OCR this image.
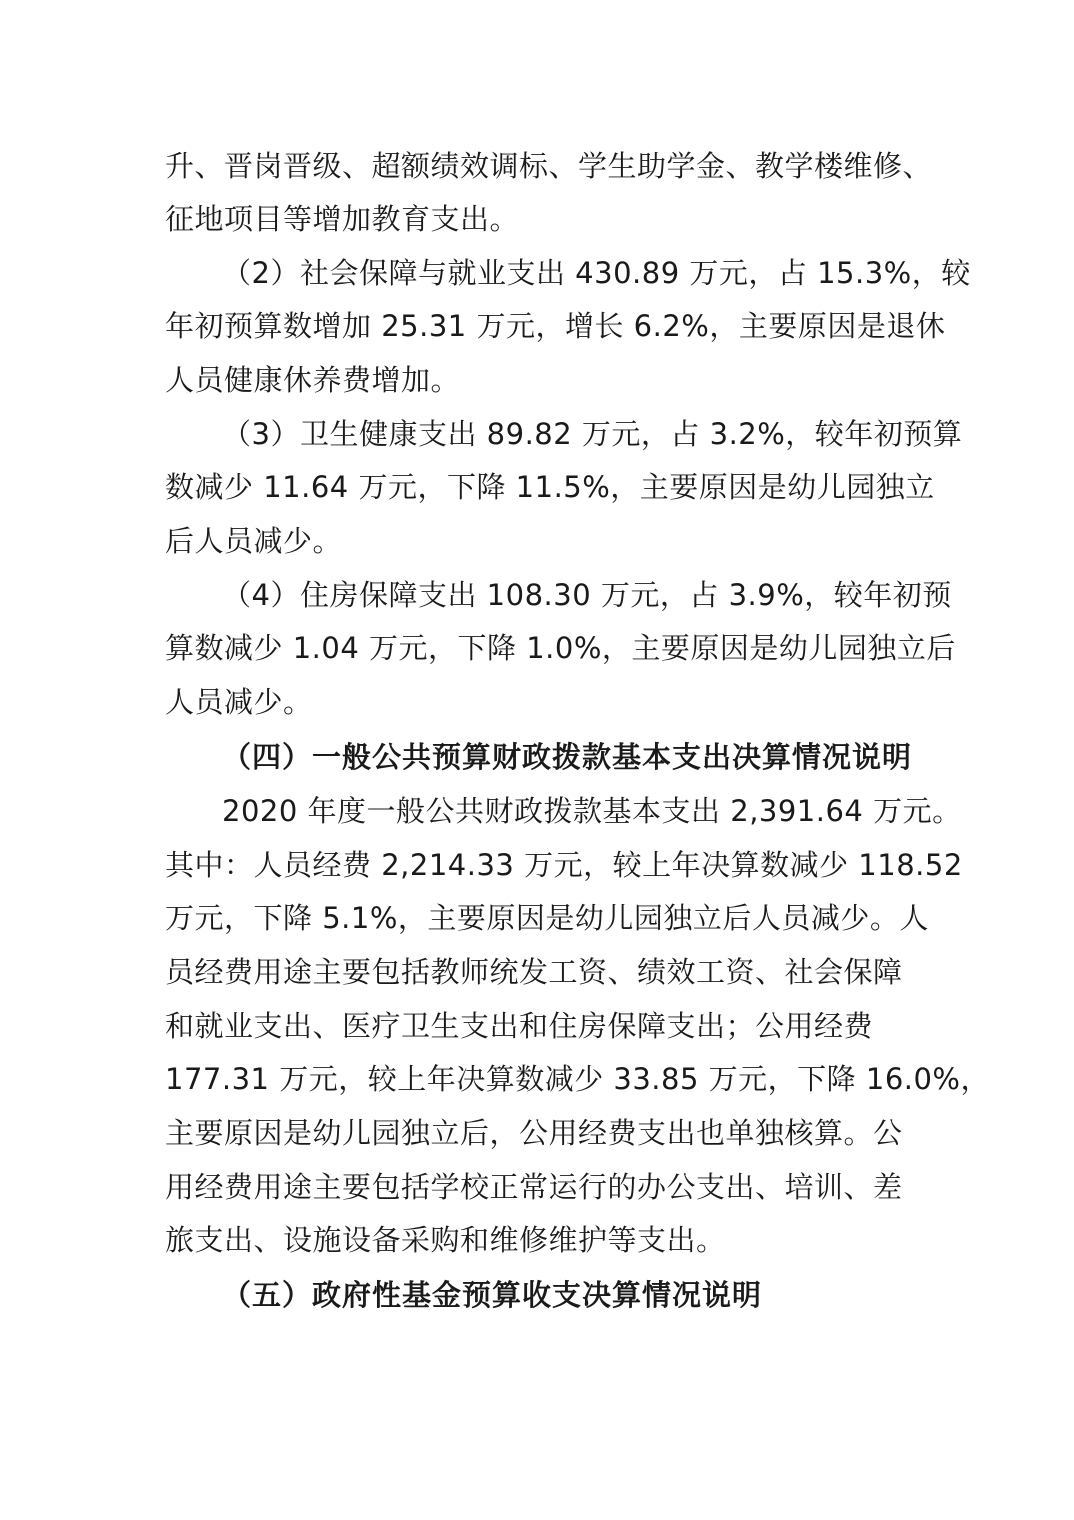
升、晋岗晋级、超额绩效调标、学生助学金、教学楼维修、
征地项目等增加教育支出。
（2）社会保障与就业支出 430.89 万元，占 15.3%，较
年初预算数增加 25.31 万元，增长 6.2%，主要原因是退休
人员健康休养费增加。
（3）卫生健康支出 89.82 万元，占 3.2%，较年初预算
数减少 11.64 万元，下降 11.5%，主要原因是幼儿园独立
后人员减少。
（4）住房保障支出 108.30 万元，占 3.9%，较年初预
算数减少 1.04 万元，下降 1.0%，主要原因是幼儿园独立后
人员减少。
（四）一般公共预算财政拨款基本支出决算情况说明
2020 年度一般公共财政拨款基本支出 2,391.64 万元。
其中：人员经费 2,214.33 万元，较上年决算数减少 118.52
万元，下降 5.1%，主要原因是幼儿园独立后人员减少。人
员经费用途主要包括教师统发工资、绩效工资、社会保障
和就业支出、医疗卫生支出和住房保障支出；公用经费
177.31 万元，较上年决算数减少 33.85 万元，下降 16.0%，
主要原因是幼儿园独立后，公用经费支出也单独核算。公
用经费用途主要包括学校正常运行的办公支出、培训、差
旅支出、设施设备采购和维修维护等支出。
（五）政府性基金预算收支决算情况说明
